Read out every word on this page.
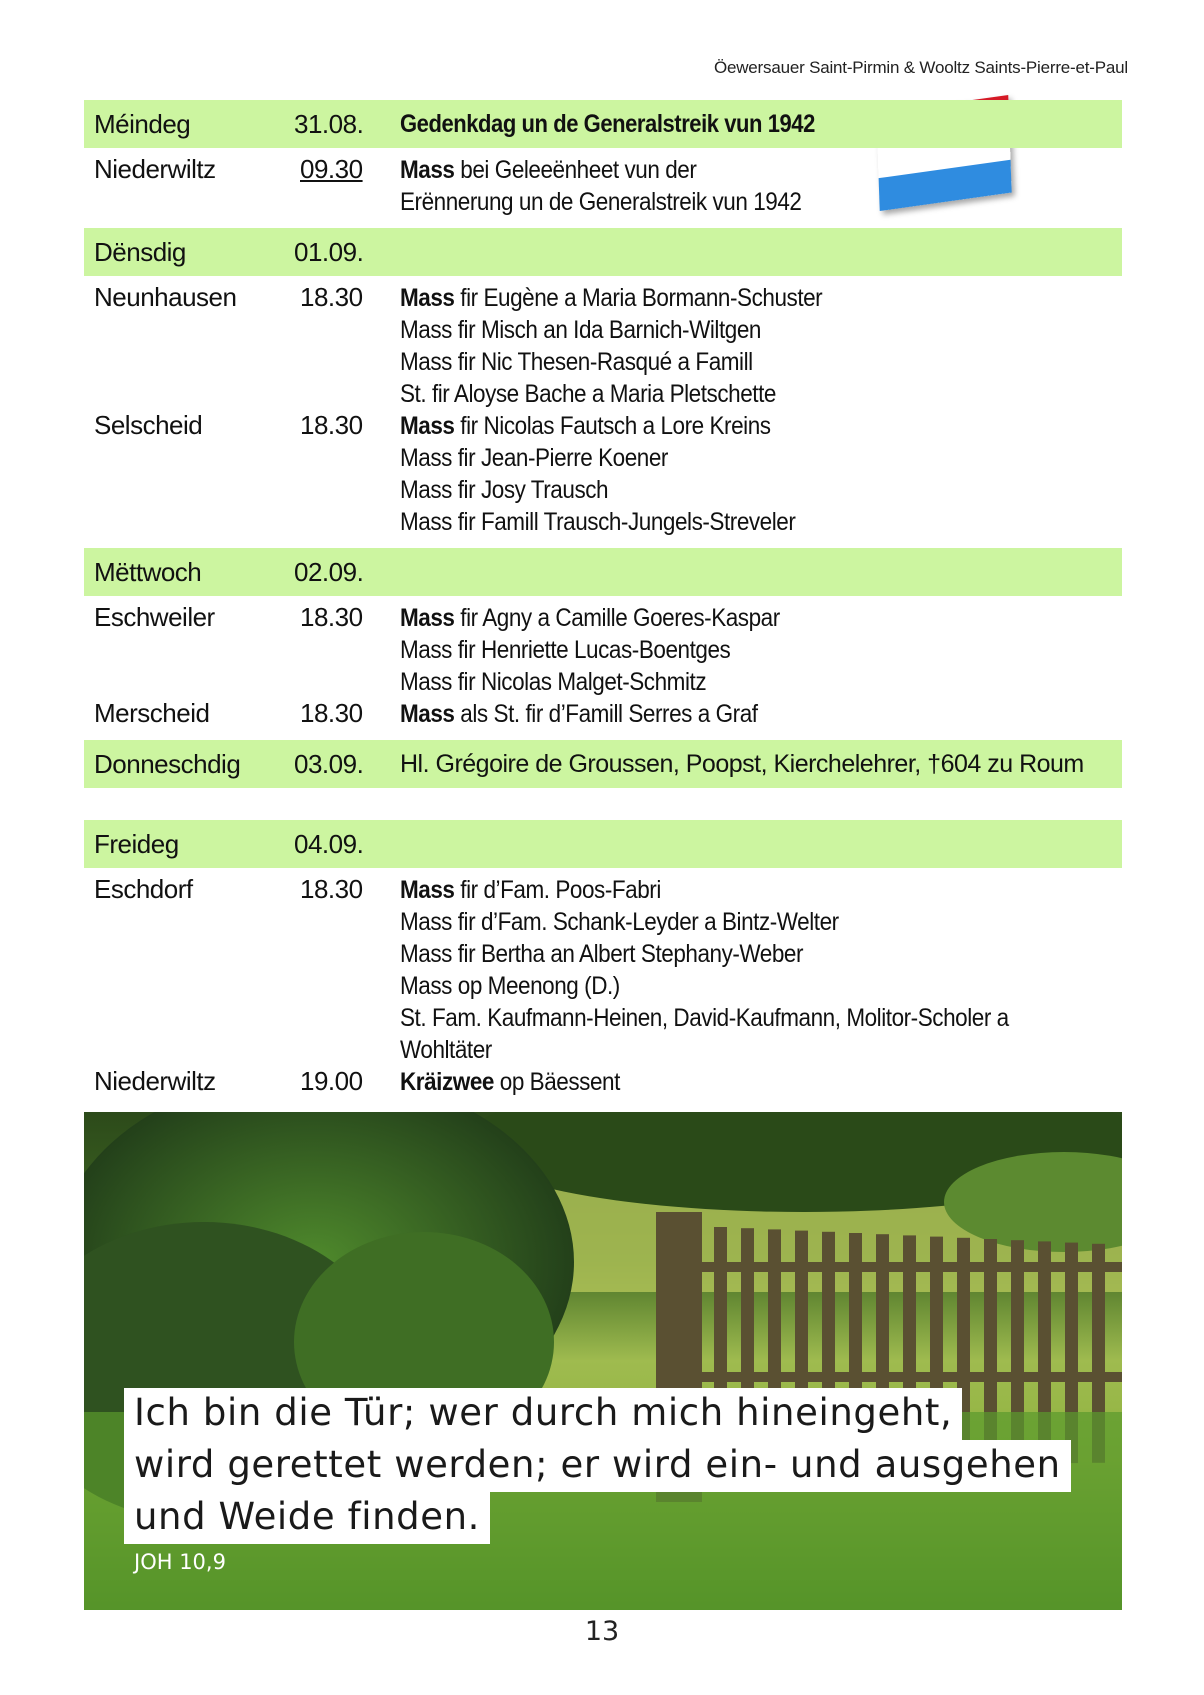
Öewersauer Saint-Pirmin & Wooltz Saints-Pierre-et-Paul
Méindeg	31.08.	Gedenkdag un de Generalstreik vun 1942
Niederwiltz	09.30	Mass bei Geleeënheet vun der
Erënnerung un de Generalstreik vun 1942
Dënsdig	01.09.
Neunhausen	18.30	Mass fir Eugène a Maria Bormann-Schuster
Mass fir Misch an Ida Barnich-Wiltgen
Mass fir Nic Thesen-Rasqué a Famill
St. fir Aloyse Bache a Maria Pletschette
Selscheid	18.30	Mass fir Nicolas Fautsch a Lore Kreins
Mass fir Jean-Pierre Koener
Mass fir Josy Trausch
Mass fir Famill Trausch-Jungels-Streveler
Mëttwoch	02.09.
Eschweiler	18.30	Mass fir Agny a Camille Goeres-Kaspar
Mass fir Henriette Lucas-Boentges
Mass fir Nicolas Malget-Schmitz
Merscheid	18.30	Mass als St. fir d’Famill Serres a Graf
Donneschdig	03.09.	Hl. Grégoire de Groussen, Poopst, Kierchelehrer, †604 zu Roum
Freideg	04.09.
Eschdorf	18.30	Mass fir d’Fam. Poos-Fabri
Mass fir d’Fam. Schank-Leyder a Bintz-Welter
Mass fir Bertha an Albert Stephany-Weber
Mass op Meenong (D.)
St. Fam. Kaufmann-Heinen, David-Kaufmann, Molitor-Scholer a Wohltäter
Niederwiltz	19.00	Kräizwee op Bäessent
Ich bin die Tür; wer durch mich hineingeht,
wird gerettet werden; er wird ein- und ausgehen
und Weide finden.
JOH 10,9
13
